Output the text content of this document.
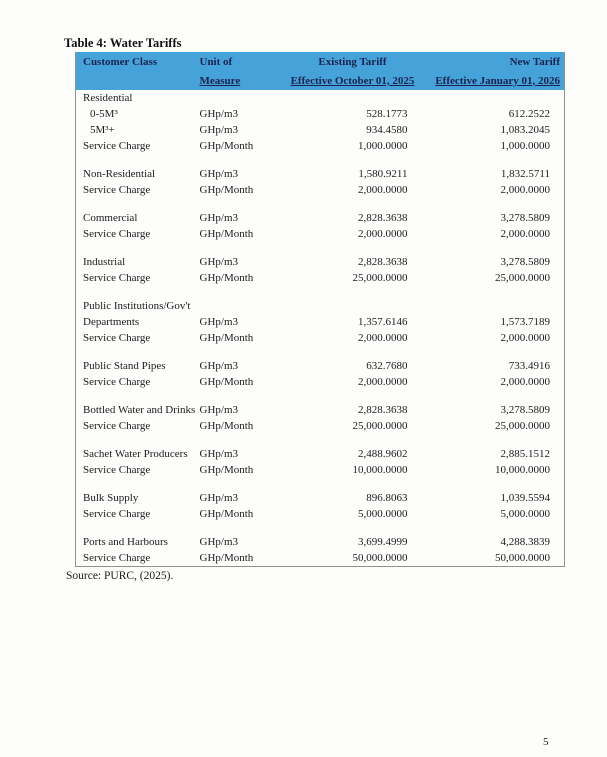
Table 4: Water Tariffs
Customer Class	Unit of	Existing Tariff	New Tariff
	Measure	Effective October 01, 2025	Effective January 01, 2026
Residential			
0-5M³	GHp/m3	528.1773	612.2522
5M³+	GHp/m3	934.4580	1,083.2045
Service Charge	GHp/Month	1,000.0000	1,000.0000

Non-Residential	GHp/m3	1,580.9211	1,832.5711
Service Charge	GHp/Month	2,000.0000	2,000.0000

Commercial	GHp/m3	2,828.3638	3,278.5809
Service Charge	GHp/Month	2,000.0000	2,000.0000

Industrial	GHp/m3	2,828.3638	3,278.5809
Service Charge	GHp/Month	25,000.0000	25,000.0000

Public Institutions/Gov't			
Departments	GHp/m3	1,357.6146	1,573.7189
Service Charge	GHp/Month	2,000.0000	2,000.0000

Public Stand Pipes	GHp/m3	632.7680	733.4916
Service Charge	GHp/Month	2,000.0000	2,000.0000

Bottled Water and Drinks	GHp/m3	2,828.3638	3,278.5809
Service Charge	GHp/Month	25,000.0000	25,000.0000

Sachet Water Producers	GHp/m3	2,488.9602	2,885.1512
Service Charge	GHp/Month	10,000.0000	10,000.0000

Bulk Supply	GHp/m3	896.8063	1,039.5594
Service Charge	GHp/Month	5,000.0000	5,000.0000

Ports and Harbours	GHp/m3	3,699.4999	4,288.3839
Service Charge	GHp/Month	50,000.0000	50,000.0000
Source: PURC, (2025).
5
